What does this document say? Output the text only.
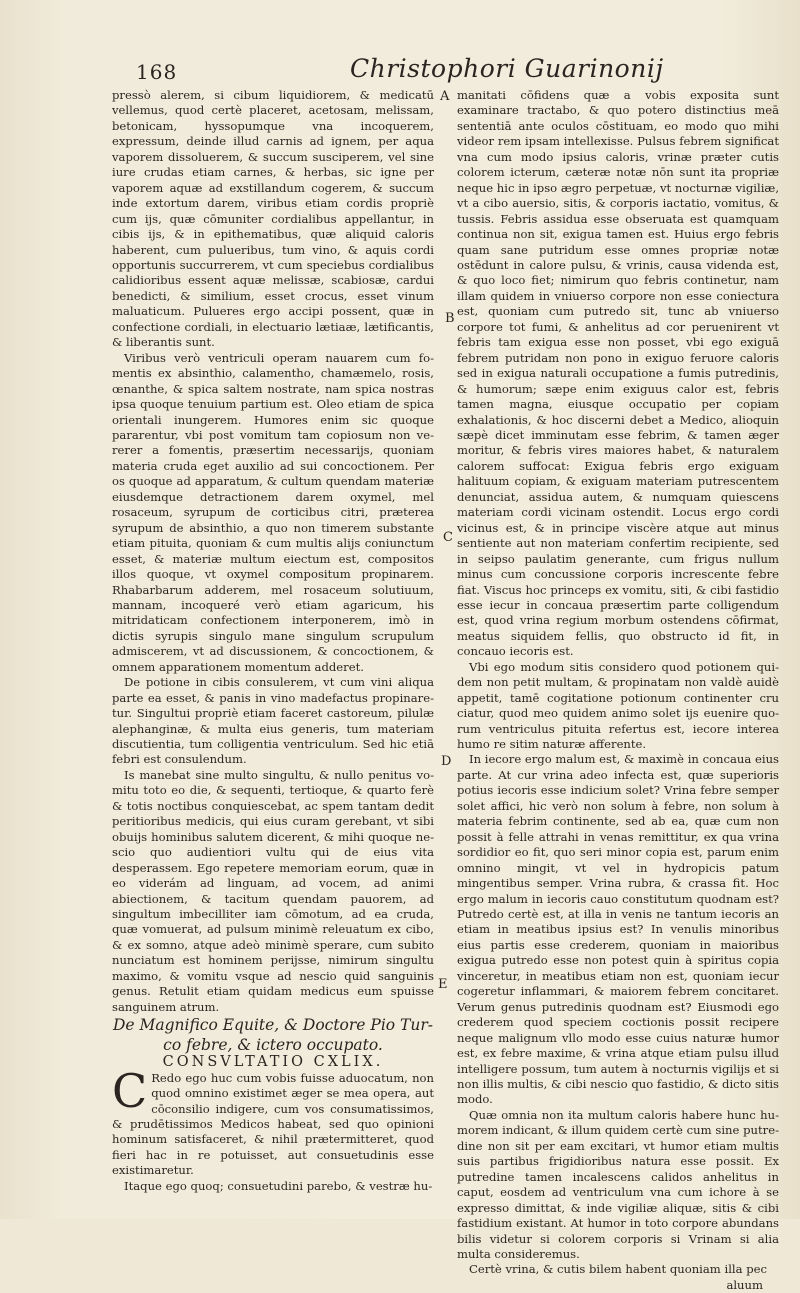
168	Christophori Guarinonij

pressò alerem, si cibum liquidiorem, & medicatū vellemus, quod certè placeret, acetosam, melissam, betonicam, hyssopumque vna incoquerem, expressum, deinde illud carnis ad ignem, per aqua vaporem dissoluerem, & succum susciperem, vel sine iure crudas etiam carnes, & herbas, sic igne per vaporem aquæ ad exstillandum cogerem, & succum inde extortum darem, viribus etiam cordis propriè cum ijs, quæ cōmuniter cordialibus appellantur, in cibis ijs, & in epithematibus, quæ aliquid caloris haberent, cum pulueribus, tum vino, & aquis cordi opportunis succurrerem, vt cum speciebus cordialibus calidioribus essent aquæ melissæ, scabiosæ, cardui benedicti, & similium, esset crocus, esset vinum maluaticum. Pulueres ergo accipi possent, quæ in confectione cordiali, in electuario lætiaæ, lætificantis, & liberantis sunt.

Viribus verò ventriculi operam nauarem cum fomentis ex absinthio, calamentho, chamæmelo, rosis, œnanthe, & spica saltem nostrate, nam spica nostras ipsa quoque tenuium partium est. Oleo etiam de spica orientali inungerem. Humores enim sic quoque pararentur, vbi post vomitum tam copiosum non vererer a fomentis, præsertim necessarijs, quoniam materia cruda eget auxilio ad sui concoctionem. Per os quoque ad apparatum, & cultum quendam materiæ eiusdemque detractionem darem oxymel, mel rosaceum, syrupum de corticibus citri, præterea syrupum de absinthio, a quo non timerem substante etiam pituita, quoniam & cum multis alijs coniunctum esset, & materiæ multum eiectum est, compositos illos quoque, vt oxymel compositum propinarem. Rhabarbarum adderem, mel rosaceum solutiuum, mannam, incoqueré verò etiam agaricum, his mitridaticam confectionem interponerem, imò in dictis syrupis singulo mane singulum scrupulum admiscerem, vt ad discussionem, & concoctionem, & omnem apparationem momentum adderet.

De potione in cibis consulerem, vt cum vini aliqua parte ea esset, & panis in vino madefactus propinaretur. Singultui propriè etiam faceret castoreum, pilulæ alephanginæ, & multa eius generis, tum materiam discutientia, tum colligentia ventriculum. Sed hic etiā febri est consulendum.

Is manebat sine multo singultu, & nullo penitus vomitu toto eo die, & sequenti, tertioque, & quarto ferè & totis noctibus conquiescebat, ac spem tantam dedit peritioribus medicis, qui eius curam gerebant, vt sibi obuijs hominibus salutem dicerent, & mihi quoque nescio quo audientiori vultu qui de eius vita desperassem. Ego repetere memoriam eorum, quæ in eo viderám ad linguam, ad vocem, ad animi abiectionem, & tacitum quendam pauorem, ad singultum imbecilliter iam cōmotum, ad ea cruda, quæ vomuerat, ad pulsum minimè releuatum ex cibo, & ex somno, atque adeò minimè sperare, cum subito nunciatum est hominem perijsse, nimirum singultu maximo, & vomitu vsque ad nescio quid sanguinis genus. Retulit etiam quidam medicus eum spuisse sanguinem atrum.

De Magnifico Equite, & Doctore Pio Turco febre, & ictero occupato.

CONSVLTATIO CXLIX.

C Redo ego huc cum vobis fuisse aduocatum, non quod omnino existimet æger se mea opera, aut cōconsilio indigere, cum vos consumatissimos, & prudētissimos Medicos habeat, sed quo opinioni hominum satisfaceret, & nihil prætermitteret, quod fieri hac in re potuisset, aut consuetudinis esse existimaretur.

Itaque ego quoq; consuetudini parebo, & vestræ hu-

manitati cōfidens quæ a vobis exposita sunt examinare tractabo, & quo potero distinctius meā sententiā ante oculos cōstituam, eo modo quo mihi videor rem ipsam intellexisse. Pulsus febrem significat vna cum modo ipsius caloris, vrinæ præter cutis colorem icterum, cæteræ notæ nōn sunt ita propriæ neque hic in ipso ægro perpetuæ, vt nocturnæ vigiliæ, vt a cibo auersio, sitis, & corporis iactatio, vomitus, & tussis. Febris assidua esse obseruata est quamquam continua non sit, exigua tamen est. Huius ergo febris quam sane putridum esse omnes propriæ notæ ostēdunt in calore pulsu, & vrinis, causa videnda est, & quo loco fiet; nimirum quo febris continetur, nam illam quidem in vniuerso corpore non esse coniectura est, quoniam cum putredo sit, tunc ab vniuerso corpore tot fumi, & anhelitus ad cor peruenirent vt febris tam exigua esse non posset, vbi ego exiguā febrem putridam non pono in exiguo feruore caloris sed in exigua naturali occupatione a fumis putredinis, & humorum; sæpe enim exiguus calor est, febris tamen magna, eiusque occupatio per copiam exhalationis, & hoc discerni debet a Medico, alioquin sæpè dicet imminutam esse febrim, & tamen æger moritur, & febris vires maiores habet, & naturalem calorem suffocat: Exigua febris ergo exiguam halituum copiam, & exiguam materiam putrescentem denunciat, assidua autem, & numquam quiescens materiam cordi vicinam ostendit. Locus ergo cordi vicinus est, & in principe viscère atque aut minus sentiente aut non materiam confertim recipiente, sed in seipso paulatim generante, cum frigus nullum minus cum concussione corporis increscente febre fiat. Viscus hoc princeps ex vomitu, siti, & cibi fastidio esse iecur in concaua præsertim parte colligendum est, quod vrina regium morbum ostendens cōfirmat, meatus siquidem fellis, quo obstructo id fit, in concauo iecoris est.

Vbi ego modum sitis considero quod potionem quidem non petit multam, & propinatam non valdè auidè appetit, tamē cogitatione potionum continenter cru ciatur, quod meo quidem animo solet ijs euenire quorum ventriculus pituita refertus est, iecore interea humo re sitim naturæ afferente.

In iecore ergo malum est, & maximè in concaua eius parte. At cur vrina adeo infecta est, quæ superioris potius iecoris esse indicium solet? Vrina febre semper solet affici, hic verò non solum à febre, non solum à materia febrim continente, sed ab ea, quæ cum non possit à felle attrahi in venas remittitur, ex qua vrina sordidior eo fit, quo seri minor copia est, parum enim omnino mingit, vt vel in hydropicis patum mingentibus semper. Vrina rubra, & crassa fit. Hoc ergo malum in iecoris cauo constitutum quodnam est? Putredo certè est, at illa in venis ne tantum iecoris an etiam in meatibus ipsius est? In venulis minoribus eius partis esse crederem, quoniam in maioribus exigua putredo esse non potest quin à spiritus copia vinceretur, in meatibus etiam non est, quoniam iecur cogeretur inflammari, & maiorem febrem concitaret. Verum genus putredinis quodnam est? Eiusmodi ego crederem quod speciem coctionis possit recipere neque malignum vllo modo esse cuius naturæ humor est, ex febre maxime, & vrina atque etiam pulsu illud intelligere possum, tum autem à nocturnis vigilijs et si non illis multis, & cibi nescio quo fastidio, & dicto sitis modo.

Quæ omnia non ita multum caloris habere hunc humorem indicant, & illum quidem certè cum sine putredine non sit per eam excitari, vt humor etiam multis suis partibus frigidioribus natura esse possit. Ex putredine tamen incalescens calidos anhelitus in caput, eosdem ad ventriculum vna cum ichore à se expresso dimittat, & inde vigiliæ aliquæ, sitis & cibi fastidium existant. At humor in toto corpore abundans bilis videtur si colorem corporis si Vrinam si alia multa consideremus.

Certè vrina, & cutis bilem habent quoniam illa pec

aluum

A
B
C
D
E
